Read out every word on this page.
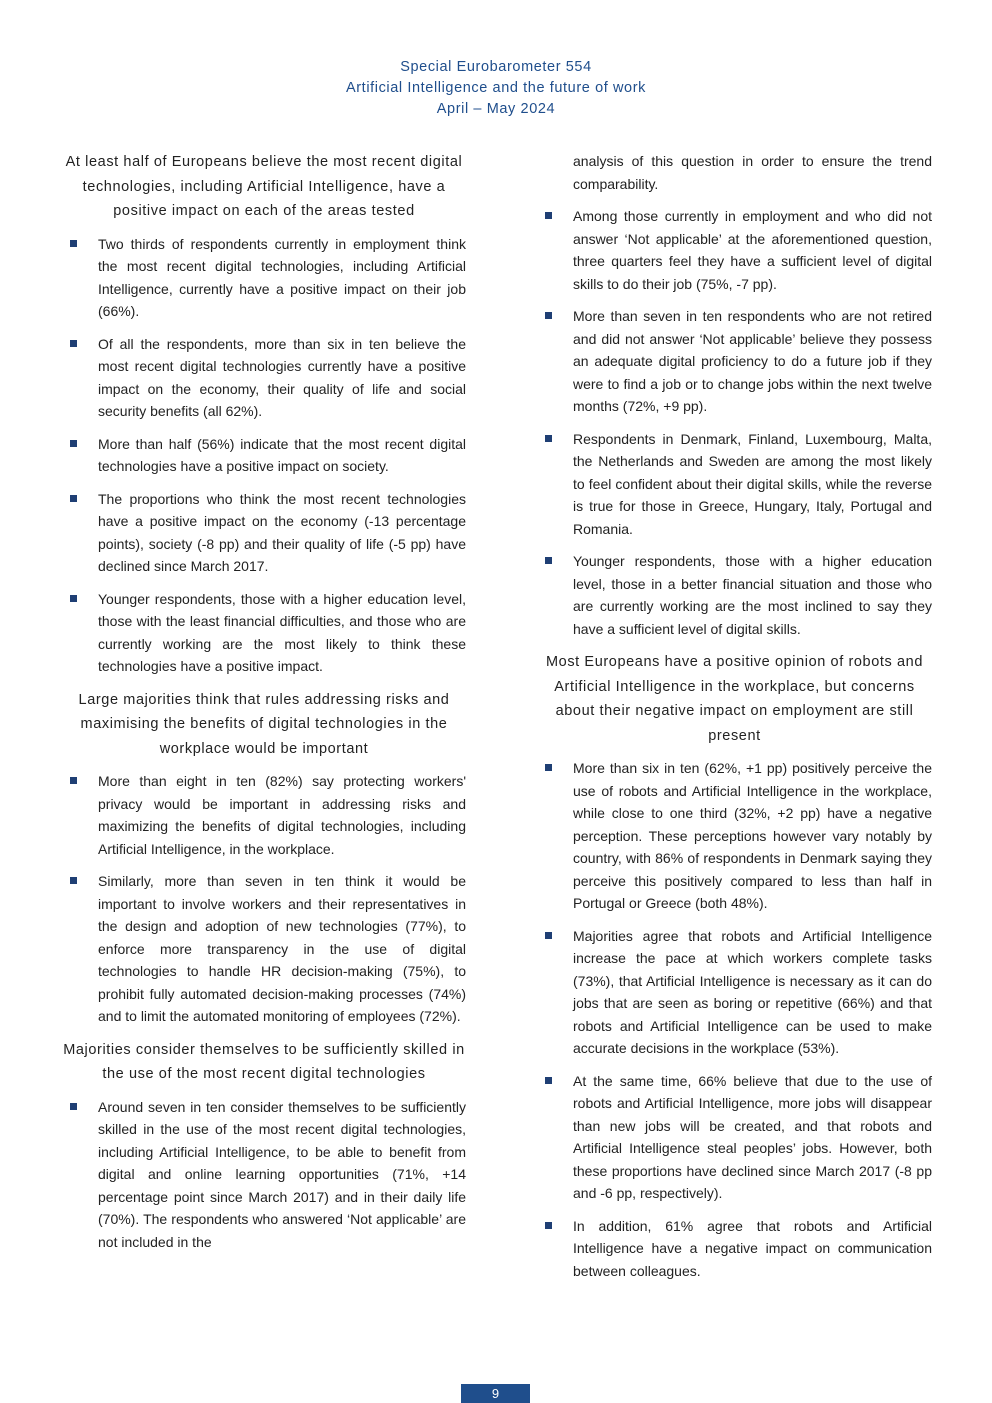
Special Eurobarometer 554
Artificial Intelligence and the future of work
April – May 2024
At least half of Europeans believe the most recent digital technologies, including Artificial Intelligence, have a positive impact on each of the areas tested
Two thirds of respondents currently in employment think the most recent digital technologies, including Artificial Intelligence, currently have a positive impact on their job (66%).
Of all the respondents, more than six in ten believe the most recent digital technologies currently have a positive impact on the economy, their quality of life and social security benefits (all 62%).
More than half (56%) indicate that the most recent digital technologies have a positive impact on society.
The proportions who think the most recent technologies have a positive impact on the economy (-13 percentage points), society (-8 pp) and their quality of life (-5 pp) have declined since March 2017.
Younger respondents, those with a higher education level, those with the least financial difficulties, and those who are currently working are the most likely to think these technologies have a positive impact.
Large majorities think that rules addressing risks and maximising the benefits of digital technologies in the workplace would be important
More than eight in ten (82%) say protecting workers' privacy would be important in addressing risks and maximizing the benefits of digital technologies, including Artificial Intelligence, in the workplace.
Similarly, more than seven in ten think it would be important to involve workers and their representatives in the design and adoption of new technologies (77%), to enforce more transparency in the use of digital technologies to handle HR decision-making (75%), to prohibit fully automated decision-making processes (74%) and to limit the automated monitoring of employees (72%).
Majorities consider themselves to be sufficiently skilled in the use of the most recent digital technologies
Around seven in ten consider themselves to be sufficiently skilled in the use of the most recent digital technologies, including Artificial Intelligence, to be able to benefit from digital and online learning opportunities (71%, +14 percentage point since March 2017) and in their daily life (70%). The respondents who answered ‘Not applicable’ are not included in the
analysis of this question in order to ensure the trend comparability.
Among those currently in employment and who did not answer ‘Not applicable’ at the aforementioned question, three quarters feel they have a sufficient level of digital skills to do their job (75%, -7 pp).
More than seven in ten respondents who are not retired and did not answer ‘Not applicable’ believe they possess an adequate digital proficiency to do a future job if they were to find a job or to change jobs within the next twelve months (72%, +9 pp).
Respondents in Denmark, Finland, Luxembourg, Malta, the Netherlands and Sweden are among the most likely to feel confident about their digital skills, while the reverse is true for those in Greece, Hungary, Italy, Portugal and Romania.
Younger respondents, those with a higher education level, those in a better financial situation and those who are currently working are the most inclined to say they have a sufficient level of digital skills.
Most Europeans have a positive opinion of robots and Artificial Intelligence in the workplace, but concerns about their negative impact on employment are still present
More than six in ten (62%, +1 pp) positively perceive the use of robots and Artificial Intelligence in the workplace, while close to one third (32%, +2 pp) have a negative perception. These perceptions however vary notably by country, with 86% of respondents in Denmark saying they perceive this positively compared to less than half in Portugal or Greece (both 48%).
Majorities agree that robots and Artificial Intelligence increase the pace at which workers complete tasks (73%), that Artificial Intelligence is necessary as it can do jobs that are seen as boring or repetitive (66%) and that robots and Artificial Intelligence can be used to make accurate decisions in the workplace (53%).
At the same time, 66% believe that due to the use of robots and Artificial Intelligence, more jobs will disappear than new jobs will be created, and that robots and Artificial Intelligence steal peoples’ jobs. However, both these proportions have declined since March 2017 (-8 pp and -6 pp, respectively).
In addition, 61% agree that robots and Artificial Intelligence have a negative impact on communication between colleagues.
9
